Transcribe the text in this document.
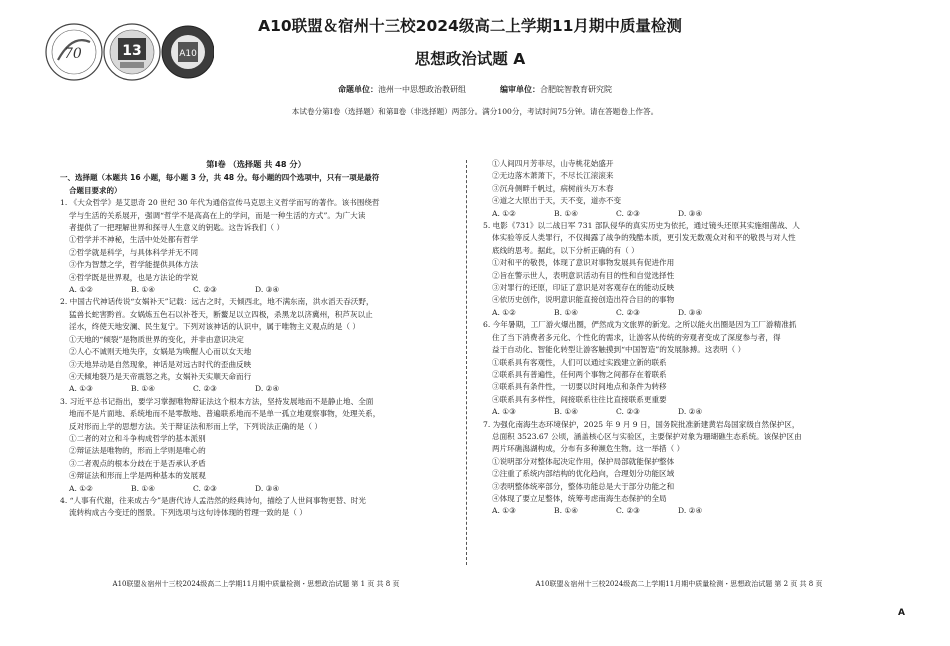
70	13	A10
A10联盟＆宿州十三校2024级高二上学期11月期中质量检测
思想政治试题 A
命题单位：池州一中思想政治教研组	编审单位：合肥皖智教育研究院
本试卷分第Ⅰ卷（选择题）和第Ⅱ卷（非选择题）两部分。满分100分，考试时间75分钟。请在答题卷上作答。

第Ⅰ卷 （选择题 共 48 分）

一、选择题（本题共 16 小题，每小题 3 分，共 48 分。每小题的四个选项中，只有一项是最符

合题目要求的）

1. 《大众哲学》是艾思奇 20 世纪 30 年代为通俗宣传马克思主义哲学而写的著作。该书围绕哲

学与生活的关系展开，强调“哲学不是高高在上的学问，而是一种生活的方式”。为广大读

者提供了一把理解世界和探寻人生意义的钥匙。这告诉我们（ ）

①哲学并不神秘，生活中处处都有哲学

②哲学就是科学，与具体科学并无不同

③作为智慧之学，哲学能提供具体方法

④哲学既是世界观，也是方法论的学说

A. ①②	B. ①④	C. ②③	D. ③④

2. 中国古代神话传说“女娲补天”记载：远古之时，天倾西北，地不满东南，洪水滔天吞沃野，

猛兽长蛇害黔首。女娲炼五色石以补苍天，断鳌足以立四极，杀黑龙以济冀州，积芦灰以止

淫水，终使天地安澜、民生复宁。下列对该神话的认识中，属于唯物主义观点的是（ ）

①天地的“倾裂”是物质世界的变化，并非由意识决定

②人心不诚则天地失序，女娲是为唤醒人心而以女天地

③天地异动是自然现象，神话是对远古时代的歪曲反映

④天倾地裂乃是天帝震怒之兆，女娲补天实顺天命而行

A. ①③	B. ①④	C. ②③	D. ②④

3. 习近平总书记指出，要学习掌握唯物辩证法这个根本方法，坚持发展地而不是静止地、全面

地而不是片面地、系统地而不是零散地、普遍联系地而不是单一孤立地观察事物，处理关系，

反对形而上学的思想方法。关于辩证法和形而上学，下列说法正确的是（ ）

①二者的对立和斗争构成哲学的基本派别

②辩证法是唯物的，形而上学则是唯心的

③二者观点的根本分歧在于是否承认矛盾

④辩证法和形而上学是两种基本的发展观

A. ①②	B. ①④	C. ②③	D. ③④

4. “人事有代谢，往来成古今”是唐代诗人孟浩然的经典诗句，描绘了人世间事物更替、时光

流转构成古今变迁的图景。下列选项与这句诗体现的哲理一致的是（ ）

①人间四月芳菲尽，山寺桃花始盛开

②无边落木萧萧下，不尽长江滚滚来

③沉舟侧畔千帆过，病树前头万木春

④道之大原出于天，天不变，道亦不变

A. ①②	B. ①④	C. ②③	D. ③④

5. 电影《731》以二战日军 731 部队侵华的真实历史为依托，通过镜头还原其实施细菌战、人

体实验等反人类罪行，不仅揭露了战争的残酷本质，更引发无数观众对和平的敬畏与对人性

底线的思考。据此，以下分析正确的有（ ）

①对和平的敬畏，体现了意识对事物发展具有促进作用

②旨在警示世人，表明意识活动有目的性和自觉选择性

③对罪行的还原，印证了意识是对客观存在的能动反映

④依历史创作，说明意识能直接创造出符合目的的事物

A. ①②	B. ①④	C. ②③	D. ③④

6. 今年暑期，工厂游火爆出圈，俨然成为文旅界的新宠。之所以能火出圈是因为工厂游精准抓

住了当下消费者多元化、个性化的需求，让游客从传统的旁观者变成了深度参与者，得

益于自动化、智能化转型让游客触摸到“中国智造”的发展脉搏。这表明（ ）

①联系具有客观性，人们可以通过实践建立新的联系

②联系具有普遍性，任何两个事物之间都存在着联系

③联系具有条件性，一切要以时间地点和条件为转移

④联系具有多样性，间接联系往往比直接联系更重要

A. ①③	B. ①④	C. ②③	D. ②④

7. 为强化南海生态环境保护，2025 年 9 月 9 日，国务院批准新建黄岩岛国家级自然保护区，

总面积 3523.67 公顷，涵盖核心区与实验区，主要保护对象为珊瑚礁生态系统。该保护区由

两片环礁潟湖构成，分布有多种濒危生物。这一举措（ ）

①说明部分对整体起决定作用，保护局部就能保护整体

②注重了系统内部结构的优化趋向，合理划分功能区域

③表明整体统率部分，整体功能总是大于部分功能之和

④体现了要立足整体，统筹考虑南海生态保护的全局

A. ①③	B. ①④	C. ②③	D. ②④

A10联盟＆宿州十三校2024级高二上学期11月期中质量检测・思想政治试题 第 1 页 共 8 页	A10联盟＆宿州十三校2024级高二上学期11月期中质量检测・思想政治试题 第 2 页 共 8 页
A
